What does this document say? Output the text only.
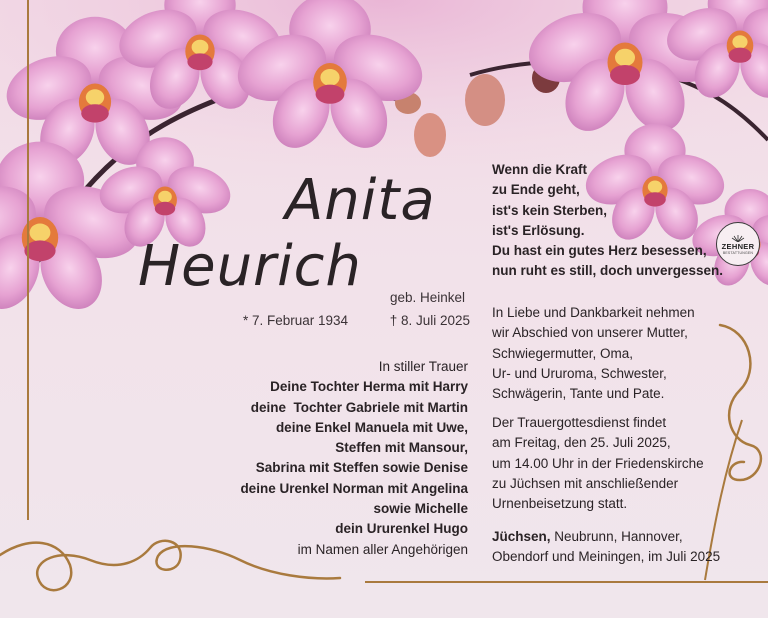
Anita
Heurich geb. Heinkel
* 7. Februar 1934	† 8. Juli 2025
In stiller Trauer
Deine Tochter Herma mit Harry
deine  Tochter Gabriele mit Martin
deine Enkel Manuela mit Uwe,
Steffen mit Mansour,
Sabrina mit Steffen sowie Denise
deine Urenkel Norman mit Angelina
sowie Michelle
dein Ururenkel Hugo
im Namen aller Angehörigen
Wenn die Kraft
zu Ende geht,
ist's kein Sterben,
ist's Erlösung.
Du hast ein gutes Herz besessen,
nun ruht es still, doch unvergessen.
In Liebe und Dankbarkeit nehmen
wir Abschied von unserer Mutter,
Schwiegermutter, Oma,
Ur- und Ururoma, Schwester,
Schwägerin, Tante und Pate.
Der Trauergottesdienst findet
am Freitag, den 25. Juli 2025,
um 14.00 Uhr in der Friedenskirche
zu Jüchsen mit anschließender
Urnenbeisetzung statt.
Jüchsen, Neubrunn, Hannover,
Obendorf und Meiningen, im Juli 2025
ZEHNER
BESTATTUNGEN
